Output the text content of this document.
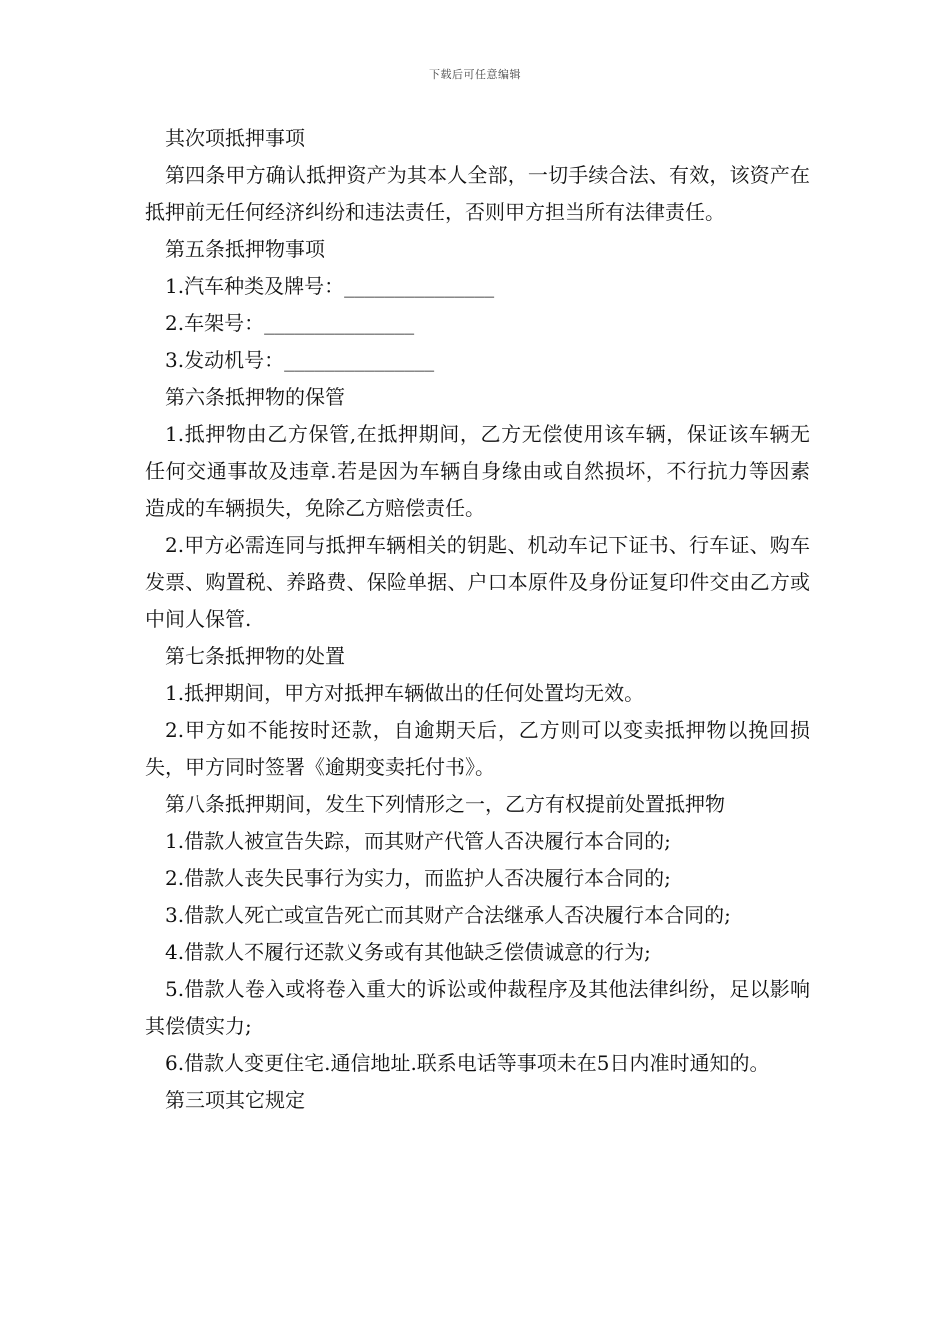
下载后可任意编辑

其次项抵押事项

第四条甲方确认抵押资产为其本人全部，一切手续合法、有效，该资产在抵押前无任何经济纠纷和违法责任，否则甲方担当所有法律责任。

第五条抵押物事项

1.汽车种类及牌号：_______________

2.车架号：_______________

3.发动机号：_______________

第六条抵押物的保管

1.抵押物由乙方保管,在抵押期间，乙方无偿使用该车辆，保证该车辆无任何交通事故及违章.若是因为车辆自身缘由或自然损坏，不行抗力等因素造成的车辆损失，免除乙方赔偿责任。

2.甲方必需连同与抵押车辆相关的钥匙、机动车记下证书、行车证、购车发票、购置税、养路费、保险单据、户口本原件及身份证复印件交由乙方或中间人保管.

第七条抵押物的处置

1.抵押期间，甲方对抵押车辆做出的任何处置均无效。

2.甲方如不能按时还款，自逾期天后，乙方则可以变卖抵押物以挽回损失，甲方同时签署《逾期变卖托付书》。

第八条抵押期间，发生下列情形之一，乙方有权提前处置抵押物

1.借款人被宣告失踪，而其财产代管人否决履行本合同的;

2.借款人丧失民事行为实力，而监护人否决履行本合同的;

3.借款人死亡或宣告死亡而其财产合法继承人否决履行本合同的;

4.借款人不履行还款义务或有其他缺乏偿债诚意的行为;

5.借款人卷入或将卷入重大的诉讼或仲裁程序及其他法律纠纷，足以影响其偿债实力;

6.借款人变更住宅.通信地址.联系电话等事项未在5日内准时通知的。

第三项其它规定
